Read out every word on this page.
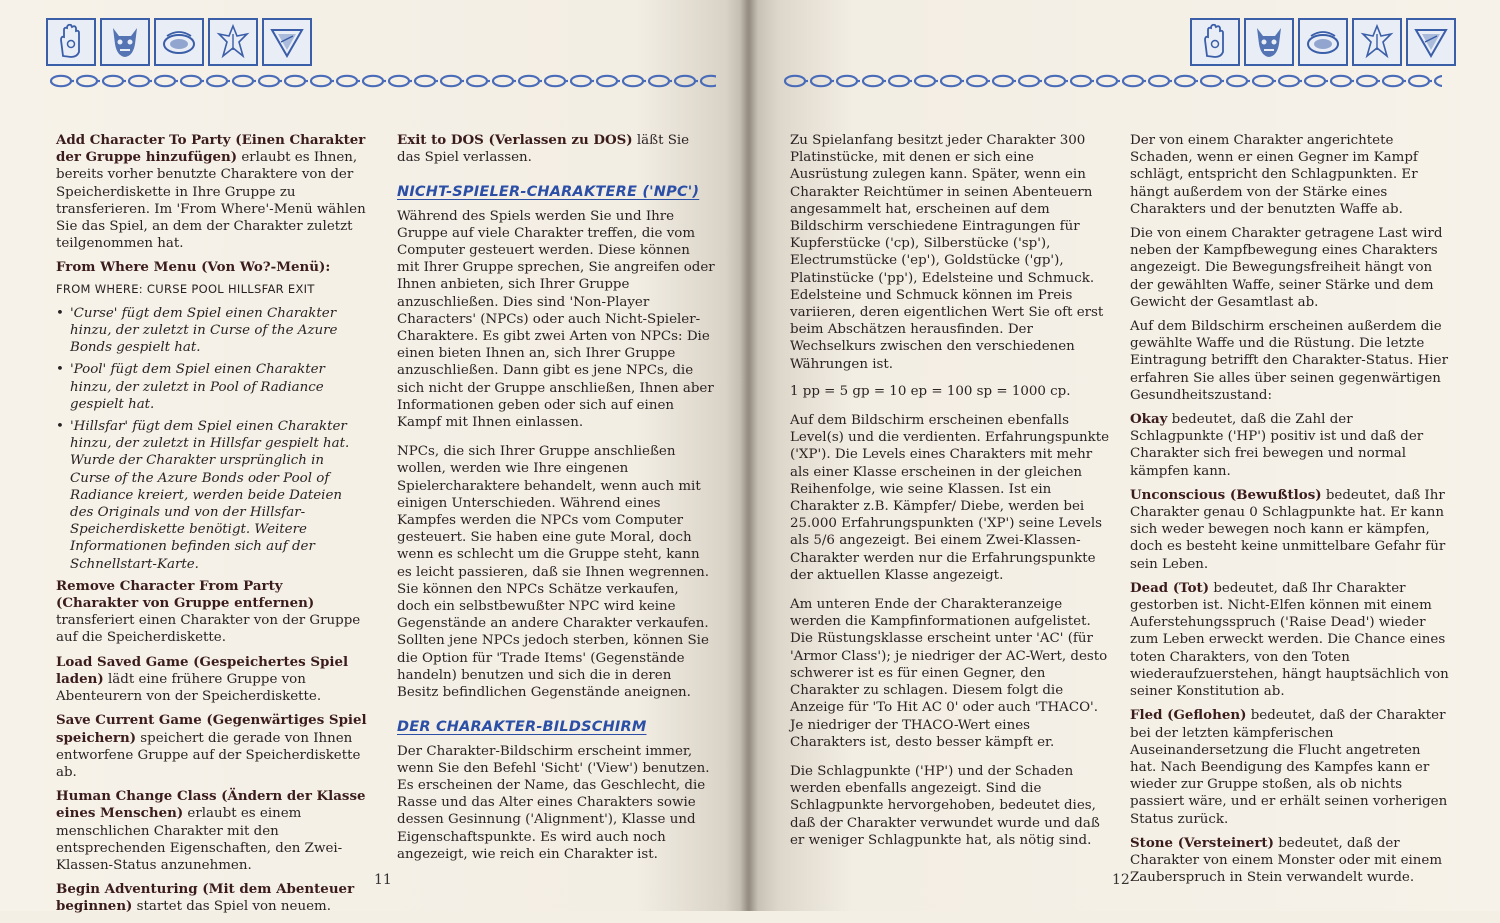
Add Character To Party (Einen Charakter der Gruppe hinzufügen) erlaubt es Ihnen, bereits vorher benutzte Charaktere von der Speicherdiskette in Ihre Gruppe zu transferieren. Im 'From Where'-Menü wählen Sie das Spiel, an dem der Charakter zuletzt teilgenommen hat.

From Where Menu (Von Wo?-Menü):

FROM WHERE: CURSE POOL HILLSFAR EXIT

• 'Curse' fügt dem Spiel einen Charakter hinzu, der zuletzt in Curse of the Azure Bonds gespielt hat.
• 'Pool' fügt dem Spiel einen Charakter hinzu, der zuletzt in Pool of Radiance gespielt hat.
• 'Hillsfar' fügt dem Spiel einen Charakter hinzu, der zuletzt in Hillsfar gespielt hat. Wurde der Charakter ursprünglich in Curse of the Azure Bonds oder Pool of Radiance kreiert, werden beide Dateien des Originals und von der Hillsfar-Speicherdiskette benötigt. Weitere Informationen befinden sich auf der Schnellstart-Karte.

Remove Character From Party (Charakter von Gruppe entfernen) transferiert einen Charakter von der Gruppe auf die Speicherdiskette.

Load Saved Game (Gespeichertes Spiel laden) lädt eine frühere Gruppe von Abenteurern von der Speicherdiskette.

Save Current Game (Gegenwärtiges Spiel speichern) speichert die gerade von Ihnen entworfene Gruppe auf der Speicherdiskette ab.

Human Change Class (Ändern der Klasse eines Menschen) erlaubt es einem menschlichen Charakter mit den entsprechenden Eigenschaften, den Zwei-Klassen-Status anzunehmen.

Begin Adventuring (Mit dem Abenteuer beginnen) startet das Spiel von neuem.

Exit to DOS (Verlassen zu DOS) läßt Sie das Spiel verlassen.

NICHT-SPIELER-CHARAKTERE ('NPC')

Während des Spiels werden Sie und Ihre Gruppe auf viele Charakter treffen, die vom Computer gesteuert werden. Diese können mit Ihrer Gruppe sprechen, Sie angreifen oder Ihnen anbieten, sich Ihrer Gruppe anzuschließen. Dies sind 'Non-Player Characters' (NPCs) oder auch Nicht-Spieler-Charaktere. Es gibt zwei Arten von NPCs: Die einen bieten Ihnen an, sich Ihrer Gruppe anzuschließen. Dann gibt es jene NPCs, die sich nicht der Gruppe anschließen, Ihnen aber Informationen geben oder sich auf einen Kampf mit Ihnen einlassen.

NPCs, die sich Ihrer Gruppe anschließen wollen, werden wie Ihre eingenen Spielercharaktere behandelt, wenn auch mit einigen Unterschieden. Während eines Kampfes werden die NPCs vom Computer gesteuert. Sie haben eine gute Moral, doch wenn es schlecht um die Gruppe steht, kann es leicht passieren, daß sie Ihnen wegrennen. Sie können den NPCs Schätze verkaufen, doch ein selbstbewußter NPC wird keine Gegenstände an andere Charakter verkaufen. Sollten jene NPCs jedoch sterben, können Sie die Option für 'Trade Items' (Gegenstände handeln) benutzen und sich die in deren Besitz befindlichen Gegenstände aneignen.

DER CHARAKTER-BILDSCHIRM

Der Charakter-Bildschirm erscheint immer, wenn Sie den Befehl 'Sicht' ('View') benutzen. Es erscheinen der Name, das Geschlecht, die Rasse und das Alter eines Charakters sowie dessen Gesinnung ('Alignment'), Klasse und Eigenschaftspunkte. Es wird auch noch angezeigt, wie reich ein Charakter ist.

11

Zu Spielanfang besitzt jeder Charakter 300 Platinstücke, mit denen er sich eine Ausrüstung zulegen kann. Später, wenn ein Charakter Reichtümer in seinen Abenteuern angesammelt hat, erscheinen auf dem Bildschirm verschiedene Eintragungen für Kupferstücke ('cp), Silberstücke ('sp'), Electrumstücke ('ep'), Goldstücke ('gp'), Platinstücke ('pp'), Edelsteine und Schmuck. Edelsteine und Schmuck können im Preis variieren, deren eigentlichen Wert Sie oft erst beim Abschätzen herausfinden. Der Wechselkurs zwischen den verschiedenen Währungen ist.

1 pp = 5 gp = 10 ep = 100 sp = 1000 cp.

Auf dem Bildschirm erscheinen ebenfalls Level(s) und die verdienten. Erfahrungspunkte ('XP'). Die Levels eines Charakters mit mehr als einer Klasse erscheinen in der gleichen Reihenfolge, wie seine Klassen. Ist ein Charakter z.B. Kämpfer/ Diebe, werden bei 25.000 Erfahrungspunkten ('XP') seine Levels als 5/6 angezeigt. Bei einem Zwei-Klassen-Charakter werden nur die Erfahrungspunkte der aktuellen Klasse angezeigt.

Am unteren Ende der Charakteranzeige werden die Kampfinformationen aufgelistet. Die Rüstungsklasse erscheint unter 'AC' (für 'Armor Class'); je niedriger der AC-Wert, desto schwerer ist es für einen Gegner, den Charakter zu schlagen. Diesem folgt die Anzeige für 'To Hit AC 0' oder auch 'THACO'. Je niedriger der THACO-Wert eines Charakters ist, desto besser kämpft er.

Die Schlagpunkte ('HP') und der Schaden werden ebenfalls angezeigt. Sind die Schlagpunkte hervorgehoben, bedeutet dies, daß der Charakter verwundet wurde und daß er weniger Schlagpunkte hat, als nötig sind.

Der von einem Charakter angerichtete Schaden, wenn er einen Gegner im Kampf schlägt, entspricht den Schlagpunkten. Er hängt außerdem von der Stärke eines Charakters und der benutzten Waffe ab.

Die von einem Charakter getragene Last wird neben der Kampfbewegung eines Charakters angezeigt. Die Bewegungsfreiheit hängt von der gewählten Waffe, seiner Stärke und dem Gewicht der Gesamtlast ab.

Auf dem Bildschirm erscheinen außerdem die gewählte Waffe und die Rüstung. Die letzte Eintragung betrifft den Charakter-Status. Hier erfahren Sie alles über seinen gegenwärtigen Gesundheitszustand:

Okay bedeutet, daß die Zahl der Schlagpunkte ('HP') positiv ist und daß der Charakter sich frei bewegen und normal kämpfen kann.

Unconscious (Bewußtlos) bedeutet, daß Ihr Charakter genau 0 Schlagpunkte hat. Er kann sich weder bewegen noch kann er kämpfen, doch es besteht keine unmittelbare Gefahr für sein Leben.

Dead (Tot) bedeutet, daß Ihr Charakter gestorben ist. Nicht-Elfen können mit einem Auferstehungsspruch ('Raise Dead') wieder zum Leben erweckt werden. Die Chance eines toten Charakters, von den Toten wiederaufzuerstehen, hängt hauptsächlich von seiner Konstitution ab.

Fled (Geflohen) bedeutet, daß der Charakter bei der letzten kämpferischen Auseinandersetzung die Flucht angetreten hat. Nach Beendigung des Kampfes kann er wieder zur Gruppe stoßen, als ob nichts passiert wäre, und er erhält seinen vorherigen Status zurück.

Stone (Versteinert) bedeutet, daß der Charakter von einem Monster oder mit einem Zauberspruch in Stein verwandelt wurde.

12
